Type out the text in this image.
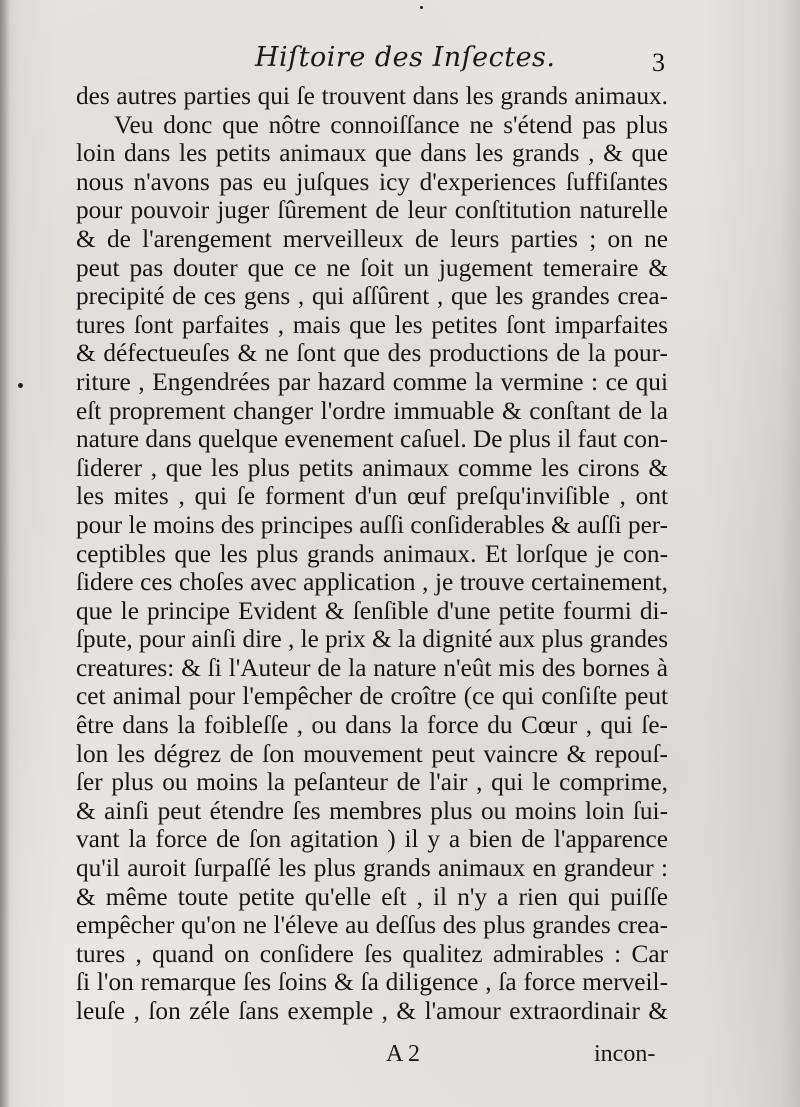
Hiſtoire des Inſectes.	3
des autres parties qui ſe trouvent dans les grands animaux.
Veu donc que nôtre connoiſſance ne s'étend pas plus
loin dans les petits animaux que dans les grands , & que
nous n'avons pas eu juſques icy d'experiences ſuffiſantes
pour pouvoir juger ſûrement de leur conſtitution naturelle
& de l'arengement merveilleux de leurs parties ; on ne
peut pas douter que ce ne ſoit un jugement temeraire &
precipité de ces gens , qui aſſûrent , que les grandes crea-
tures ſont parfaites , mais que les petites ſont imparfaites
& défectueuſes & ne ſont que des productions de la pour-
riture , Engendrées par hazard comme la vermine : ce qui
eſt proprement changer l'ordre immuable & conſtant de la
nature dans quelque evenement caſuel. De plus il faut con-
ſiderer , que les plus petits animaux comme les cirons &
les mites , qui ſe forment d'un œuf preſqu'inviſible , ont
pour le moins des principes auſſi conſiderables & auſſi per-
ceptibles que les plus grands animaux. Et lorſque je con-
ſidere ces choſes avec application , je trouve certainement,
que le principe Evident & ſenſible d'une petite fourmi di-
ſpute, pour ainſi dire , le prix & la dignité aux plus grandes
creatures: & ſi l'Auteur de la nature n'eût mis des bornes à
cet animal pour l'empêcher de croître (ce qui conſiſte peut
être dans la foibleſſe , ou dans la force du Cœur , qui ſe-
lon les dégrez de ſon mouvement peut vaincre & repouſ-
ſer plus ou moins la peſanteur de l'air , qui le comprime,
& ainſi peut étendre ſes membres plus ou moins loin ſui-
vant la force de ſon agitation ) il y a bien de l'apparence
qu'il auroit ſurpaſſé les plus grands animaux en grandeur :
& même toute petite qu'elle eſt , il n'y a rien qui puiſſe
empêcher qu'on ne l'éleve au deſſus des plus grandes crea-
tures , quand on conſidere ſes qualitez admirables : Car
ſi l'on remarque ſes ſoins & ſa diligence , ſa force merveil-
leuſe , ſon zéle ſans exemple , & l'amour extraordinair &
A 2	incon-
